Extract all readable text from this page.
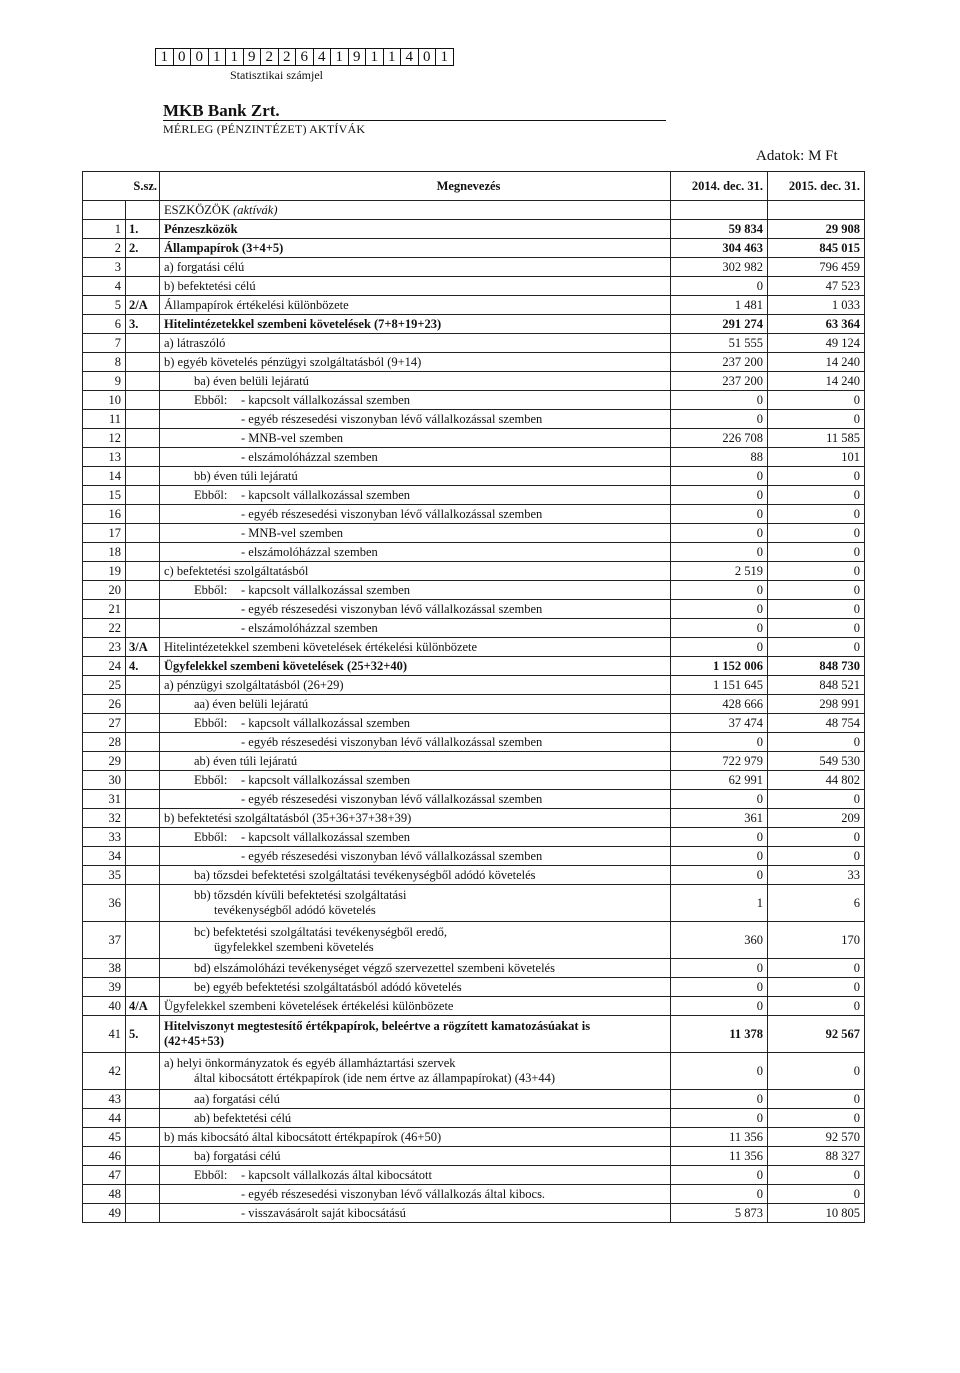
1 0 0 1 1 9 2 2 6 4 1 9 1 1 4 0 1
Statisztikai számjel
MKB Bank Zrt.
MÉRLEG (PÉNZINTÉZET) AKTÍVÁK
Adatok: M Ft
S.sz.		Megnevezés	2014. dec. 31.	2015. dec. 31.
		ESZKÖZÖK (aktívák)		
1	1.	Pénzeszközök	59 834	29 908
2	2.	Állampapírok (3+4+5)	304 463	845 015
3		a) forgatási célú	302 982	796 459
4		b) befektetési célú	0	47 523
5	2/A	Állampapírok értékelési különbözete	1 481	1 033
6	3.	Hitelintézetekkel szembeni követelések (7+8+19+23)	291 274	63 364
7		a) látraszóló	51 555	49 124
8		b) egyéb követelés pénzügyi szolgáltatásból (9+14)	237 200	14 240
9		ba) éven belüli lejáratú	237 200	14 240
10		Ebből: - kapcsolt vállalkozással szemben	0	0
11		- egyéb részesedési viszonyban lévő vállalkozással szemben	0	0
12		- MNB-vel szemben	226 708	11 585
13		- elszámolóházzal szemben	88	101
14		bb) éven túli lejáratú	0	0
15		Ebből: - kapcsolt vállalkozással szemben	0	0
16		- egyéb részesedési viszonyban lévő vállalkozással szemben	0	0
17		- MNB-vel szemben	0	0
18		- elszámolóházzal szemben	0	0
19		c) befektetési szolgáltatásból	2 519	0
20		Ebből: - kapcsolt vállalkozással szemben	0	0
21		- egyéb részesedési viszonyban lévő vállalkozással szemben	0	0
22		- elszámolóházzal szemben	0	0
23	3/A	Hitelintézetekkel szembeni követelések értékelési különbözete	0	0
24	4.	Ügyfelekkel szembeni követelések (25+32+40)	1 152 006	848 730
25		a) pénzügyi szolgáltatásból (26+29)	1 151 645	848 521
26		aa) éven belüli lejáratú	428 666	298 991
27		Ebből: - kapcsolt vállalkozással szemben	37 474	48 754
28		- egyéb részesedési viszonyban lévő vállalkozással szemben	0	0
29		ab) éven túli lejáratú	722 979	549 530
30		Ebből: - kapcsolt vállalkozással szemben	62 991	44 802
31		- egyéb részesedési viszonyban lévő vállalkozással szemben	0	0
32		b) befektetési szolgáltatásból (35+36+37+38+39)	361	209
33		Ebből: - kapcsolt vállalkozással szemben	0	0
34		- egyéb részesedési viszonyban lévő vállalkozással szemben	0	0
35		ba) tőzsdei befektetési szolgáltatási tevékenységből adódó követelés	0	33
36		bb) tőzsdén kívüli befektetési szolgáltatási
tevékenységből adódó követelés	1	6
37		bc) befektetési szolgáltatási tevékenységből eredő,
ügyfelekkel szembeni követelés	360	170
38		bd) elszámolóházi tevékenységet végző szervezettel szembeni követelés	0	0
39		be) egyéb befektetési szolgáltatásból adódó követelés	0	0
40	4/A	Ügyfelekkel szembeni követelések értékelési különbözete	0	0
41	5.	Hitelviszonyt megtestesítő értékpapírok, beleértve a rögzített kamatozásúakat is
(42+45+53)	11 378	92 567
42		a) helyi önkormányzatok és egyéb államháztartási szervek
által kibocsátott értékpapírok (ide nem értve az állampapírokat) (43+44)	0	0
43		aa) forgatási célú	0	0
44		ab) befektetési célú	0	0
45		b) más kibocsátó által kibocsátott értékpapírok (46+50)	11 356	92 570
46		ba) forgatási célú	11 356	88 327
47		Ebből: - kapcsolt vállalkozás által kibocsátott	0	0
48		- egyéb részesedési viszonyban lévő vállalkozás által kibocs.	0	0
49		- visszavásárolt saját kibocsátású	5 873	10 805
